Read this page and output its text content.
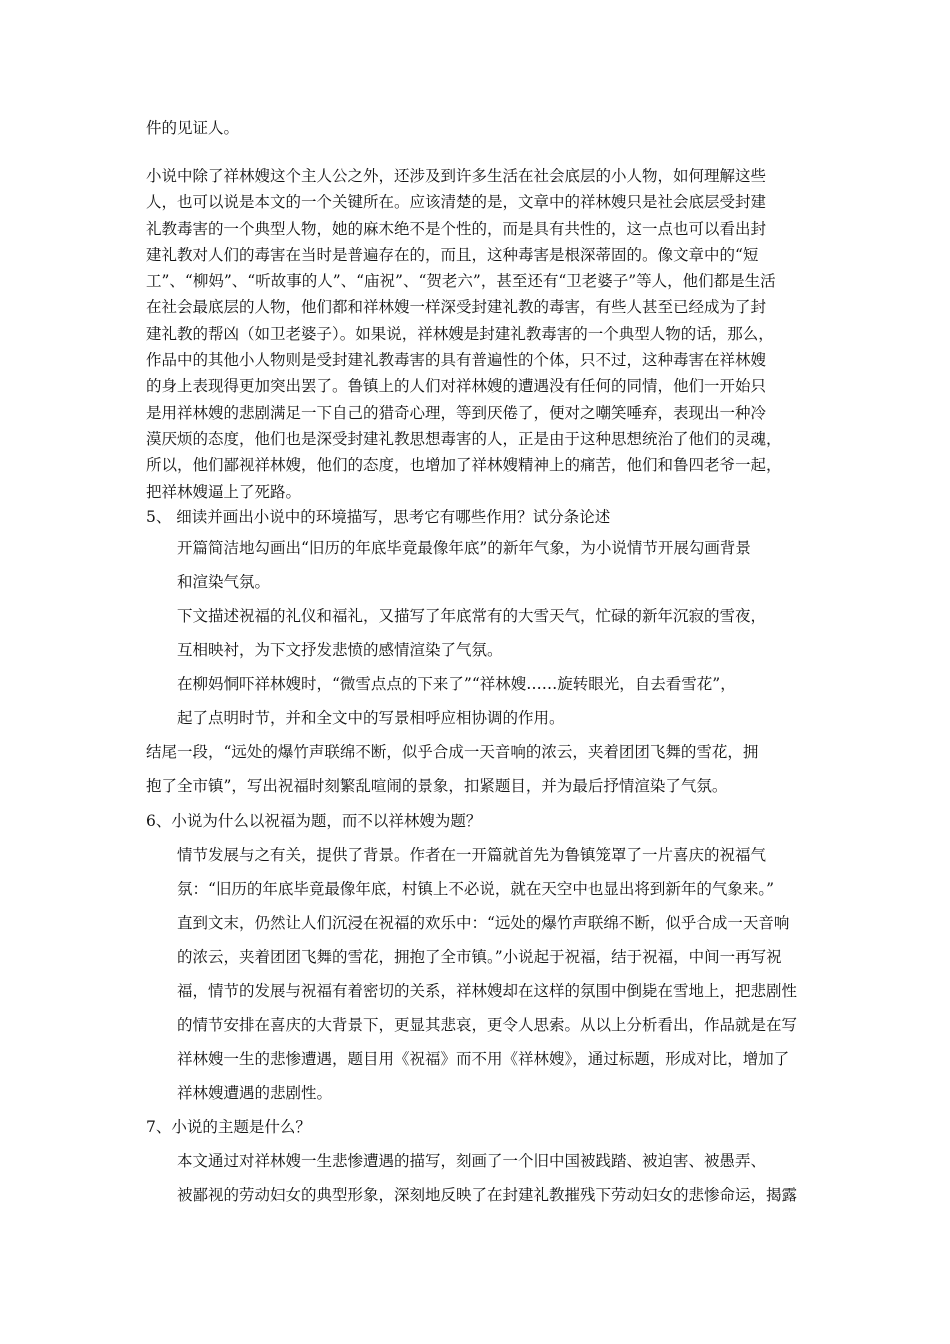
件的见证人。
小说中除了祥林嫂这个主人公之外，还涉及到许多生活在社会底层的小人物，如何理解这些
人，也可以说是本文的一个关键所在。应该清楚的是，文章中的祥林嫂只是社会底层受封建
礼教毒害的一个典型人物，她的麻木绝不是个性的，而是具有共性的，这一点也可以看出封
建礼教对人们的毒害在当时是普遍存在的，而且，这种毒害是根深蒂固的。像文章中的“短
工”、“柳妈”、“听故事的人”、“庙祝”、“贺老六”，甚至还有“卫老婆子”等人，他们都是生活
在社会最底层的人物，他们都和祥林嫂一样深受封建礼教的毒害，有些人甚至已经成为了封
建礼教的帮凶（如卫老婆子）。如果说，祥林嫂是封建礼教毒害的一个典型人物的话，那么，
作品中的其他小人物则是受封建礼教毒害的具有普遍性的个体，只不过，这种毒害在祥林嫂
的身上表现得更加突出罢了。鲁镇上的人们对祥林嫂的遭遇没有任何的同情，他们一开始只
是用祥林嫂的悲剧满足一下自己的猎奇心理，等到厌倦了，便对之嘲笑唾弃，表现出一种冷
漠厌烦的态度，他们也是深受封建礼教思想毒害的人，正是由于这种思想统治了他们的灵魂，
所以，他们鄙视祥林嫂，他们的态度，也增加了祥林嫂精神上的痛苦，他们和鲁四老爷一起，
把祥林嫂逼上了死路。
5、 细读并画出小说中的环境描写，思考它有哪些作用？试分条论述
开篇简洁地勾画出“旧历的年底毕竟最像年底”的新年气象，为小说情节开展勾画背景
和渲染气氛。
下文描述祝福的礼仪和福礼，又描写了年底常有的大雪天气，忙碌的新年沉寂的雪夜，
互相映衬，为下文抒发悲愤的感情渲染了气氛。
在柳妈恫吓祥林嫂时，“微雪点点的下来了”“祥林嫂……旋转眼光，自去看雪花”，
起了点明时节，并和全文中的写景相呼应相协调的作用。
结尾一段，“远处的爆竹声联绵不断，似乎合成一天音响的浓云，夹着团团飞舞的雪花，拥
抱了全市镇”，写出祝福时刻繁乱喧闹的景象，扣紧题目，并为最后抒情渲染了气氛。
6、小说为什么以祝福为题，而不以祥林嫂为题？
情节发展与之有关，提供了背景。作者在一开篇就首先为鲁镇笼罩了一片喜庆的祝福气
氛：“旧历的年底毕竟最像年底，村镇上不必说，就在天空中也显出将到新年的气象来。”
直到文末，仍然让人们沉浸在祝福的欢乐中：“远处的爆竹声联绵不断，似乎合成一天音响
的浓云，夹着团团飞舞的雪花，拥抱了全市镇。”小说起于祝福，结于祝福，中间一再写祝
福，情节的发展与祝福有着密切的关系，祥林嫂却在这样的氛围中倒毙在雪地上，把悲剧性
的情节安排在喜庆的大背景下，更显其悲哀，更令人思索。从以上分析看出，作品就是在写
祥林嫂一生的悲惨遭遇，题目用《祝福》而不用《祥林嫂》，通过标题，形成对比，增加了
祥林嫂遭遇的悲剧性。
7、小说的主题是什么？
本文通过对祥林嫂一生悲惨遭遇的描写，刻画了一个旧中国被践踏、被迫害、被愚弄、
被鄙视的劳动妇女的典型形象，深刻地反映了在封建礼教摧残下劳动妇女的悲惨命运，揭露
